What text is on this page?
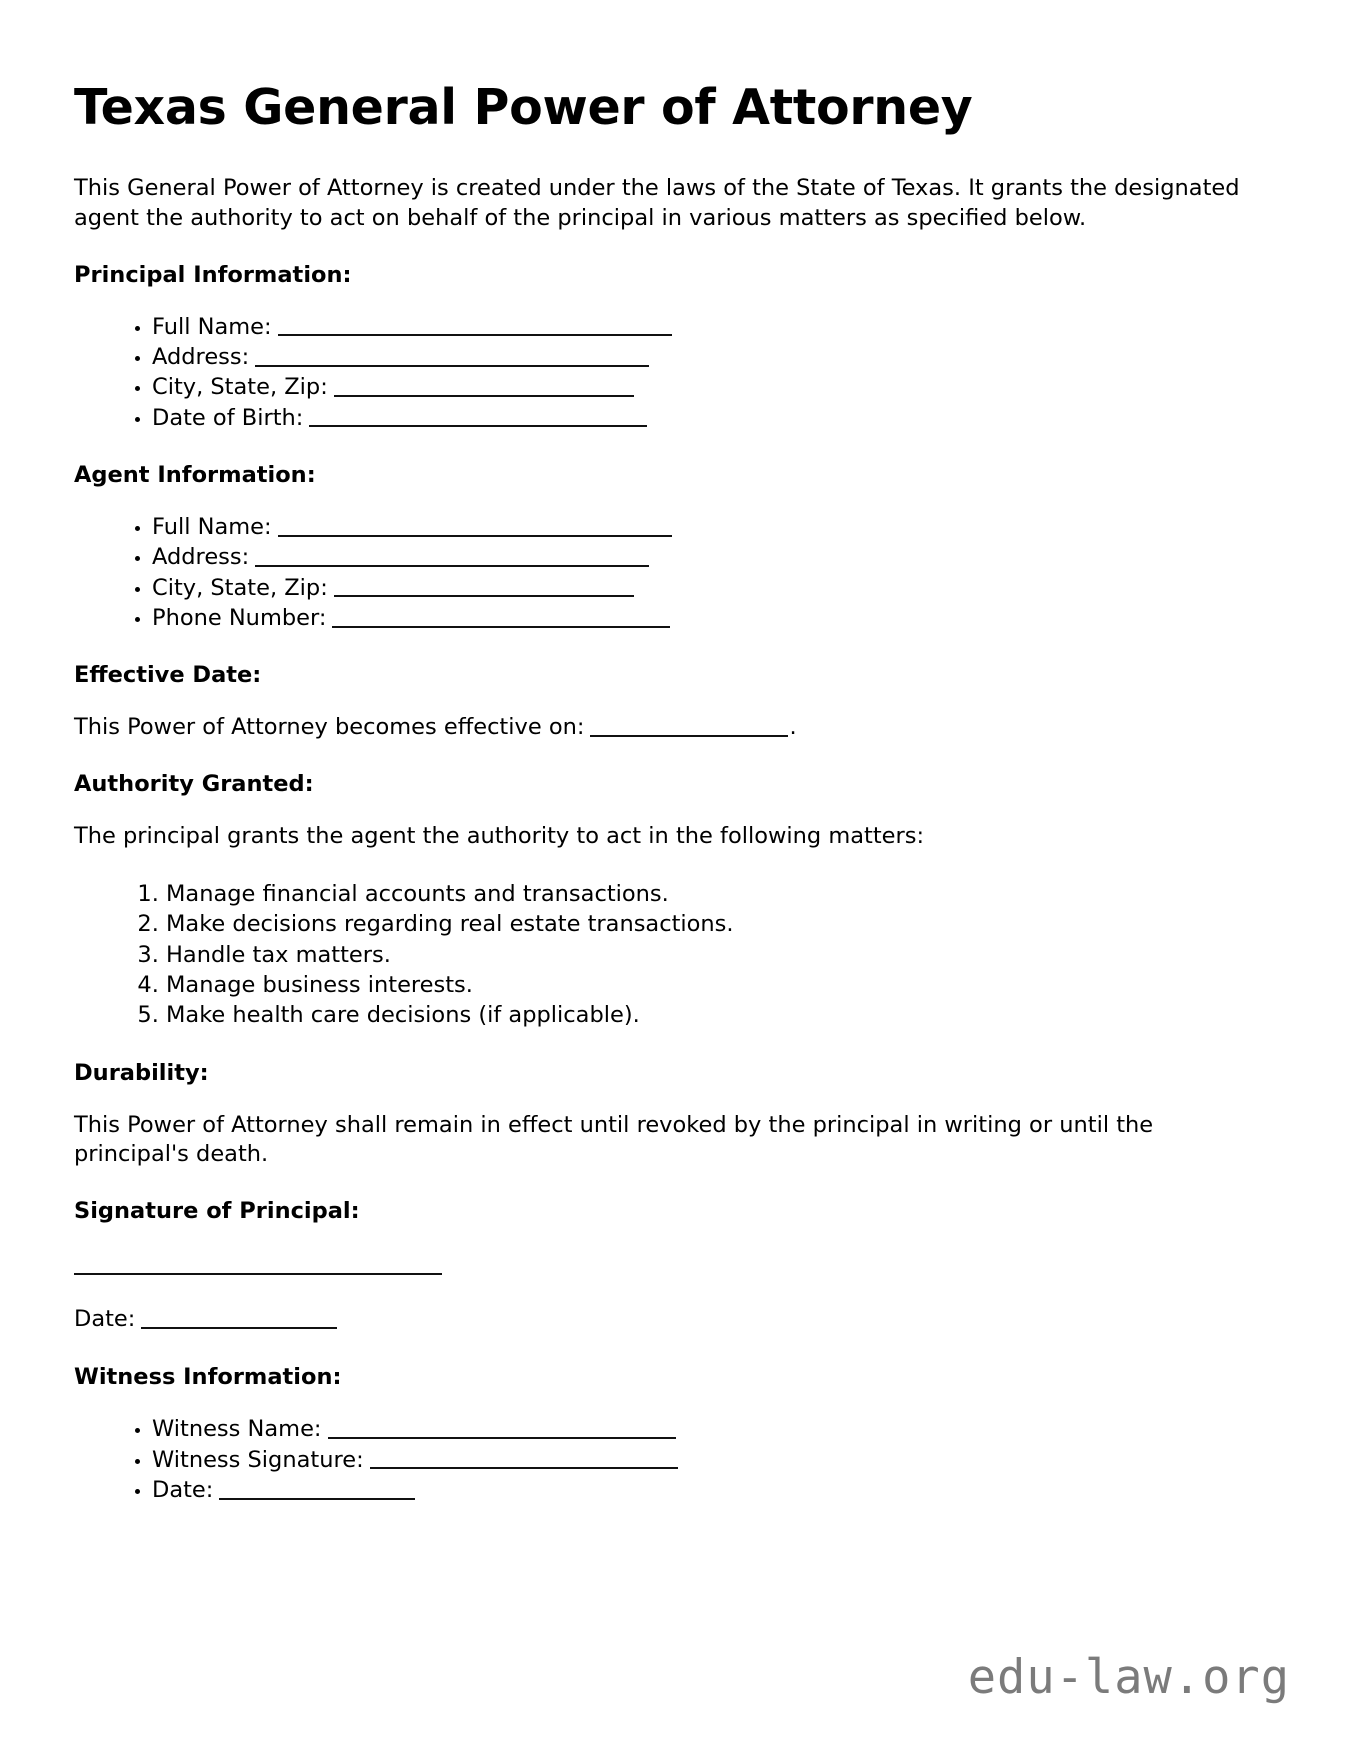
Texas General Power of Attorney

This General Power of Attorney is created under the laws of the State of Texas. It grants the designated agent the authority to act on behalf of the principal in various matters as specified below.

Principal Information:
• Full Name:
• Address:
• City, State, Zip:
• Date of Birth:
Agent Information:
• Full Name:
• Address:
• City, State, Zip:
• Phone Number:
Effective Date:

This Power of Attorney becomes effective on:	.

Authority Granted:

The principal grants the agent the authority to act in the following matters:

1. Manage financial accounts and transactions.
2. Make decisions regarding real estate transactions.
3. Handle tax matters.
4. Manage business interests.
5. Make health care decisions (if applicable).
Durability:

This Power of Attorney shall remain in effect until revoked by the principal in writing or until the principal's death.

Signature of Principal:

Date:

Witness Information:
• Witness Name:
• Witness Signature:
• Date:
edu-law.org
